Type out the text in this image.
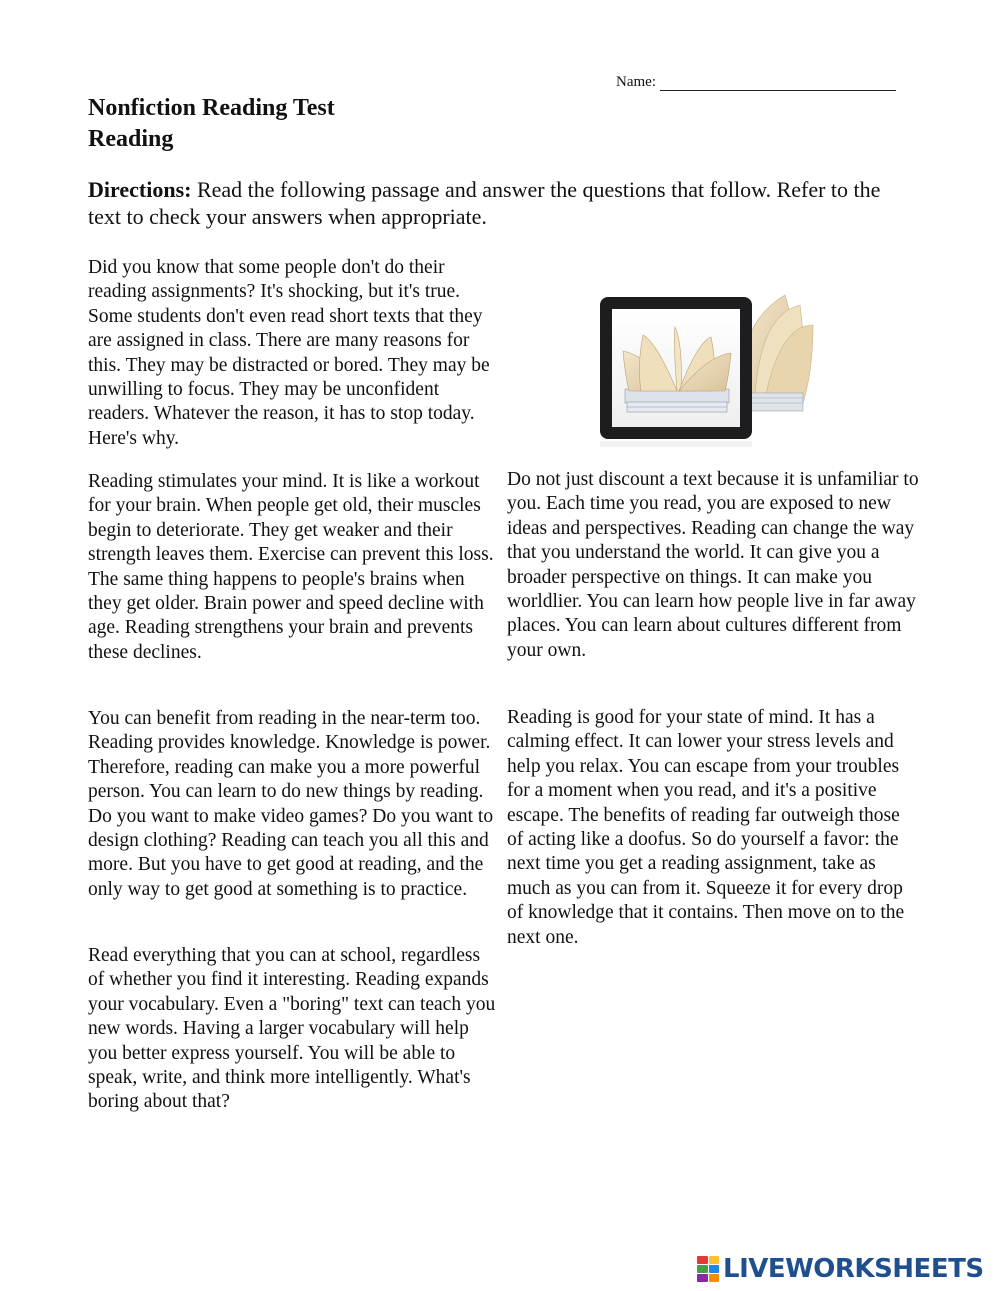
Name:
Nonfiction Reading Test
Reading
Directions: Read the following passage and answer the questions that follow. Refer to the text to check your answers when appropriate.

Did you know that some people don't do their reading assignments? It's shocking, but it's true. Some students don't even read short texts that they are assigned in class. There are many reasons for this. They may be distracted or bored. They may be unwilling to focus. They may be unconfident readers. Whatever the reason, it has to stop today. Here's why.

Reading stimulates your mind. It is like a workout for your brain. When people get old, their muscles begin to deteriorate. They get weaker and their strength leaves them. Exercise can prevent this loss. The same thing happens to people's brains when they get older. Brain power and speed decline with age. Reading strengthens your brain and prevents these declines.

You can benefit from reading in the near-term too. Reading provides knowledge. Knowledge is power. Therefore, reading can make you a more powerful person. You can learn to do new things by reading. Do you want to make video games? Do you want to design clothing? Reading can teach you all this and more. But you have to get good at reading, and the only way to get good at something is to practice.

Read everything that you can at school, regardless of whether you find it interesting. Reading expands your vocabulary. Even a "boring" text can teach you new words. Having a larger vocabulary will help you better express yourself. You will be able to speak, write, and think more intelligently. What's boring about that?

Do not just discount a text because it is unfamiliar to you. Each time you read, you are exposed to new ideas and perspectives. Reading can change the way that you understand the world. It can give you a broader perspective on things. It can make you worldlier. You can learn how people live in far away places. You can learn about cultures different from your own.

Reading is good for your state of mind. It has a calming effect. It can lower your stress levels and help you relax. You can escape from your troubles for a moment when you read, and it's a positive escape. The benefits of reading far outweigh those of acting like a doofus. So do yourself a favor: the next time you get a reading assignment, take as much as you can from it. Squeeze it for every drop of knowledge that it contains. Then move on to the next one.

LIVEWORKSHEETS
